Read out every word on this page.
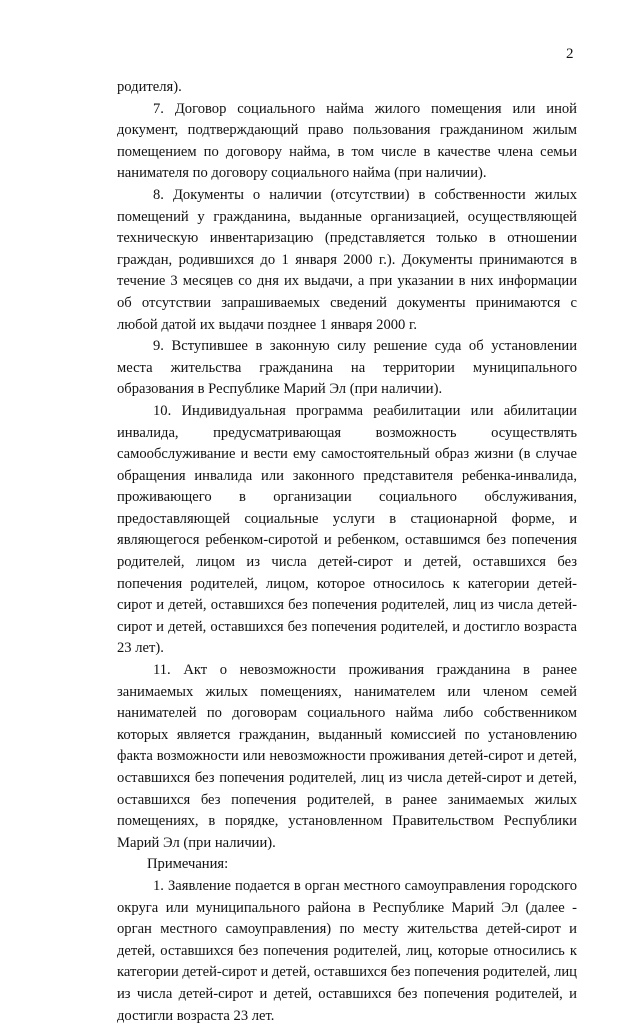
2

родителя).

7. Договор социального найма жилого помещения или иной документ, подтверждающий право пользования гражданином жилым помещением по договору найма, в том числе в качестве члена семьи нанимателя по договору социального найма (при наличии).

8. Документы о наличии (отсутствии) в собственности жилых помещений у гражданина, выданные организацией, осуществляющей техническую инвентаризацию (представляется только в отношении граждан, родившихся до 1 января 2000 г.). Документы принимаются в течение 3 месяцев со дня их выдачи, а при указании в них информации об отсутствии запрашиваемых сведений документы принимаются с любой датой их выдачи позднее 1 января 2000 г.

9. Вступившее в законную силу решение суда об установлении места жительства гражданина на территории муниципального образования в Республике Марий Эл (при наличии).

10. Индивидуальная программа реабилитации или абилитации инвалида, предусматривающая возможность осуществлять самообслуживание и вести ему самостоятельный образ жизни (в случае обращения инвалида или законного представителя ребенка-инвалида, проживающего в организации социального обслуживания, предоставляющей социальные услуги в стационарной форме, и являющегося ребенком-сиротой и ребенком, оставшимся без попечения родителей, лицом из числа детей-сирот и детей, оставшихся без попечения родителей, лицом, которое относилось к категории детей-сирот и детей, оставшихся без попечения родителей, лиц из числа детей-сирот и детей, оставшихся без попечения родителей, и достигло возраста 23 лет).

11. Акт о невозможности проживания гражданина в ранее занимаемых жилых помещениях, нанимателем или членом семей нанимателей по договорам социального найма либо собственником которых является гражданин, выданный комиссией по установлению факта возможности или невозможности проживания детей-сирот и детей, оставшихся без попечения родителей, лиц из числа детей-сирот и детей, оставшихся без попечения родителей, в ранее занимаемых жилых помещениях, в порядке, установленном Правительством Республики Марий Эл (при наличии).

Примечания:

1. Заявление подается в орган местного самоуправления городского округа или муниципального района в Республике Марий Эл (далее - орган местного самоуправления) по месту жительства детей-сирот и детей, оставшихся без попечения родителей, лиц, которые относились к категории детей-сирот и детей, оставшихся без попечения родителей, лиц из числа детей-сирот и детей, оставшихся без попечения родителей, и достигли возраста 23 лет.
